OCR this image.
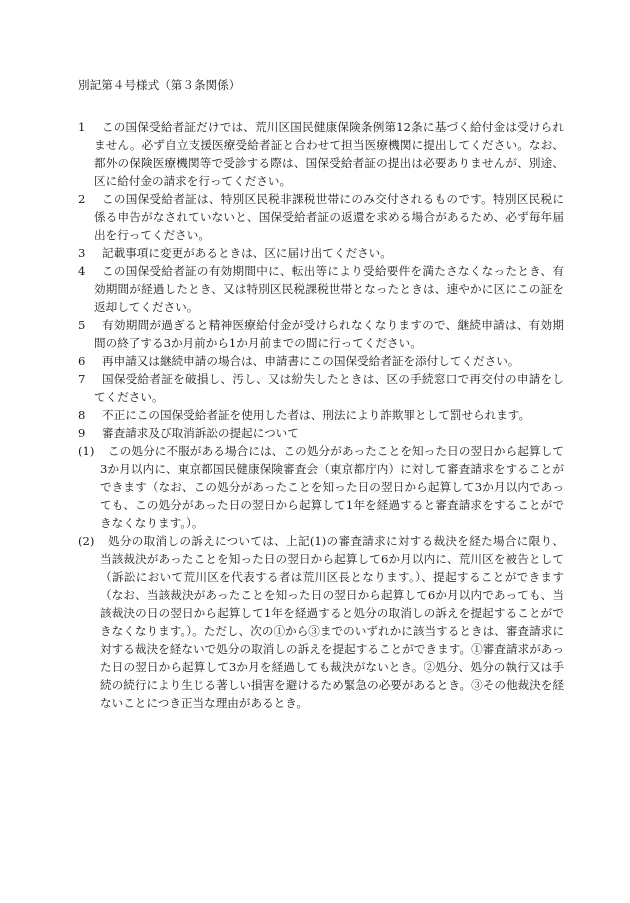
別記第４号様式（第３条関係）
1	この国保受給者証だけでは、荒川区国民健康保険条例第12条に基づく給付金は受けられません。必ず自立支援医療受給者証と合わせて担当医療機関に提出してください。なお、都外の保険医療機関等で受診する際は、国保受給者証の提出は必要ありませんが、別途、区に給付金の請求を行ってください。
2	この国保受給者証は、特別区民税非課税世帯にのみ交付されるものです。特別区民税に係る申告がなされていないと、国保受給者証の返還を求める場合があるため、必ず毎年届出を行ってください。
3	記載事項に変更があるときは、区に届け出てください。
4	この国保受給者証の有効期間中に、転出等により受給要件を満たさなくなったとき、有効期間が経過したとき、又は特別区民税課税世帯となったときは、速やかに区にこの証を返却してください。
5	有効期間が過ぎると精神医療給付金が受けられなくなりますので、継続申請は、有効期間の終了する3か月前から1か月前までの間に行ってください。
6	再申請又は継続申請の場合は、申請書にこの国保受給者証を添付してください。
7	国保受給者証を破損し、汚し、又は紛失したときは、区の手続窓口で再交付の申請をしてください。
8	不正にこの国保受給者証を使用した者は、刑法により詐欺罪として罰せられます。
9	審査請求及び取消訴訟の提起について
(1)	この処分に不服がある場合には、この処分があったことを知った日の翌日から起算して3か月以内に、東京都国民健康保険審査会（東京都庁内）に対して審査請求をすることができます（なお、この処分があったことを知った日の翌日から起算して3か月以内であっても、この処分があった日の翌日から起算して1年を経過すると審査請求をすることができなくなります。）。
(2)	処分の取消しの訴えについては、上記(1)の審査請求に対する裁決を経た場合に限り、当該裁決があったことを知った日の翌日から起算して6か月以内に、荒川区を被告として（訴訟において荒川区を代表する者は荒川区長となります。）、提起することができます（なお、当該裁決があったことを知った日の翌日から起算して6か月以内であっても、当該裁決の日の翌日から起算して1年を経過すると処分の取消しの訴えを提起することができなくなります。）。ただし、次の①から③までのいずれかに該当するときは、審査請求に対する裁決を経ないで処分の取消しの訴えを提起することができます。①審査請求があった日の翌日から起算して3か月を経過しても裁決がないとき。②処分、処分の執行又は手続の続行により生じる著しい損害を避けるため緊急の必要があるとき。③その他裁決を経ないことにつき正当な理由があるとき。
